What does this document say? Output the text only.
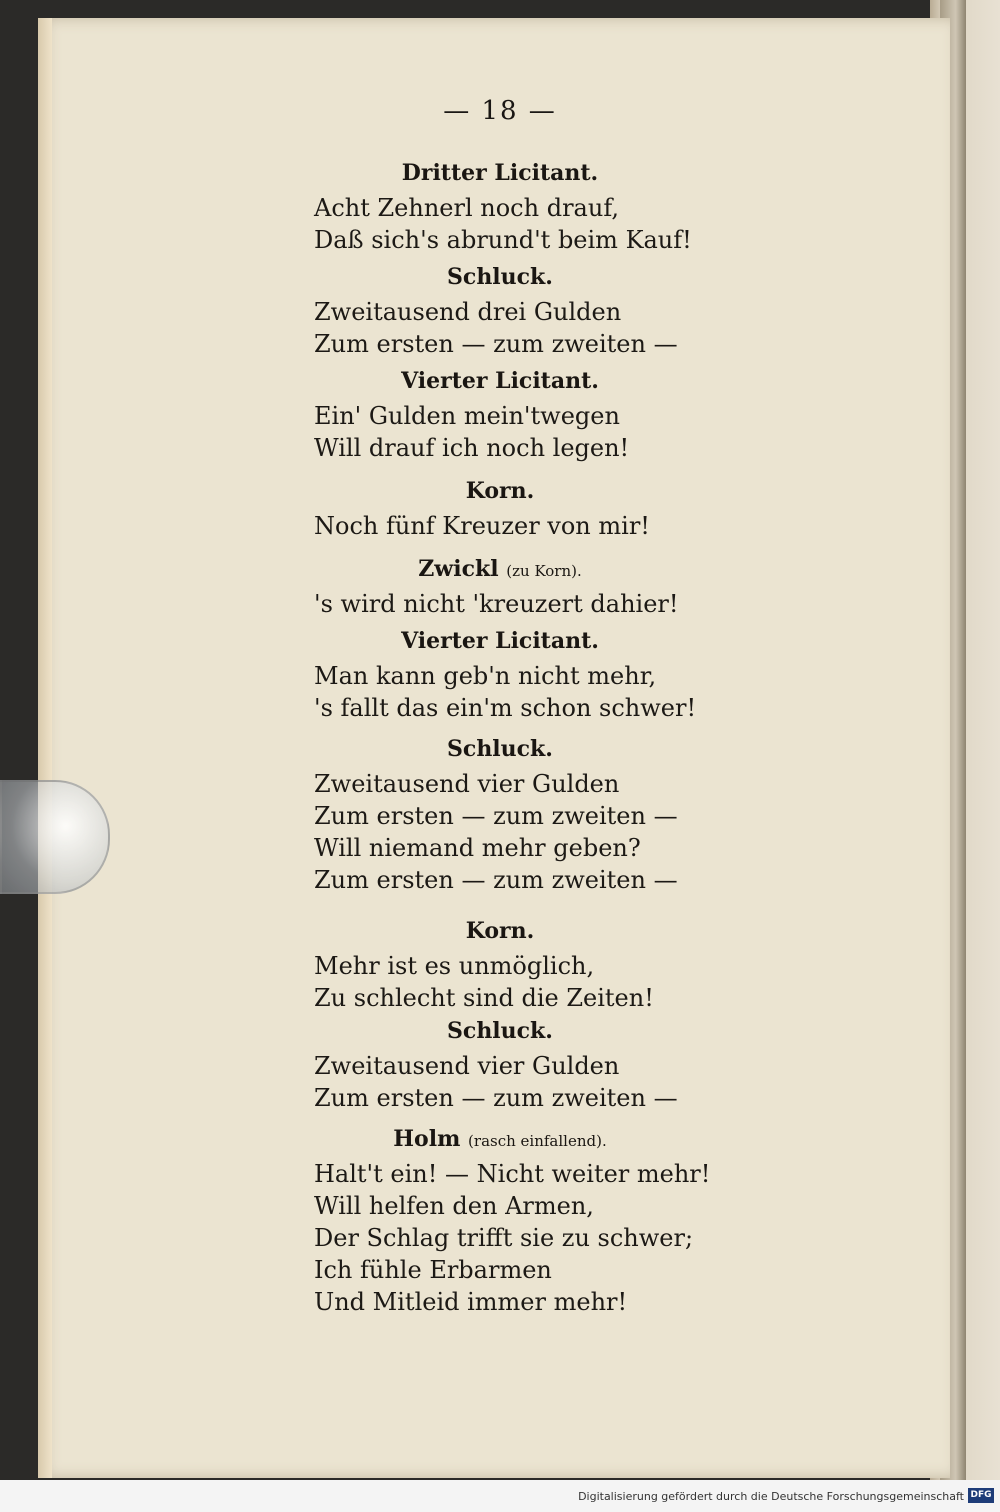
— 18 —
Dritter Licitant.
Acht Zehnerl noch drauf,
Daß sich's abrund't beim Kauf!
Schluck.
Zweitausend drei Gulden
Zum ersten — zum zweiten —
Vierter Licitant.
Ein' Gulden mein'twegen
Will drauf ich noch legen!
Korn.
Noch fünf Kreuzer von mir!
Zwickl (zu Korn).
's wird nicht 'kreuzert dahier!
Vierter Licitant.
Man kann geb'n nicht mehr,
's fallt das ein'm schon schwer!
Schluck.
Zweitausend vier Gulden
Zum ersten — zum zweiten —
Will niemand mehr geben?
Zum ersten — zum zweiten —
Korn.
Mehr ist es unmöglich,
Zu schlecht sind die Zeiten!
Schluck.
Zweitausend vier Gulden
Zum ersten — zum zweiten —
Holm (rasch einfallend).
Halt't ein! — Nicht weiter mehr!
Will helfen den Armen,
Der Schlag trifft sie zu schwer;
Ich fühle Erbarmen
Und Mitleid immer mehr!
Digitalisierung gefördert durch die Deutsche Forschungsgemeinschaft DFG
